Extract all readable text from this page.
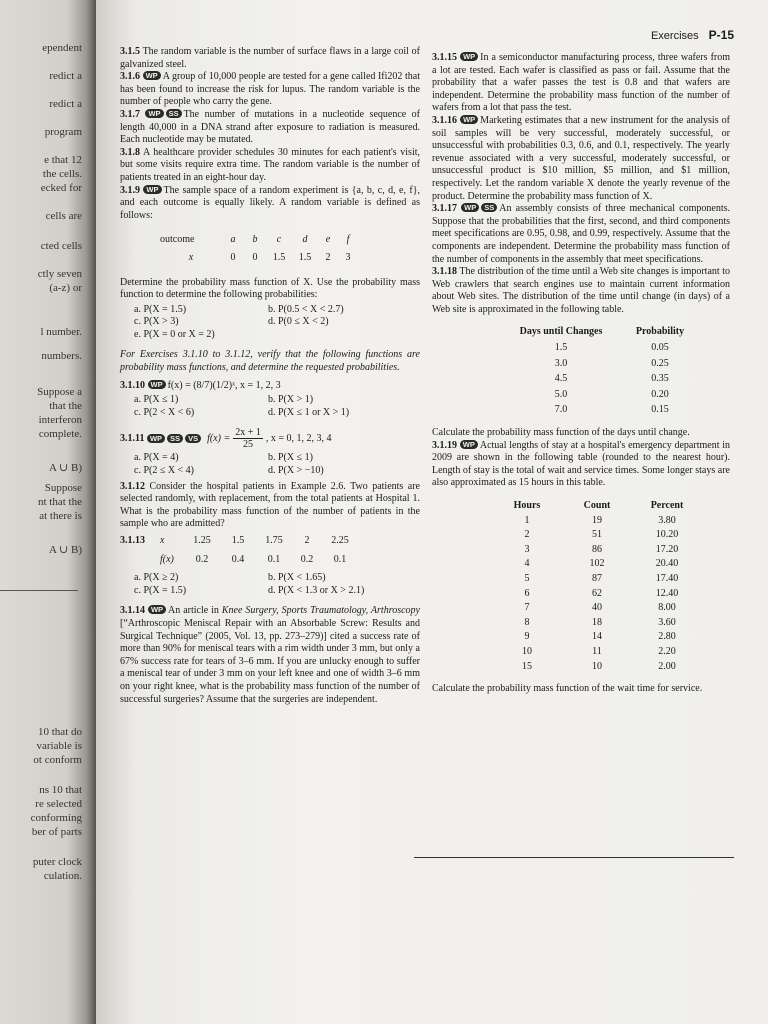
ependent
redict a
redict a
program
e that 12
the cells.
ecked for
cells are
cted cells
ctly seven
(a-z) or
l number.
numbers.
Suppose a
that the
interferon
complete.
A ∪ B)
Suppose
nt that the
at there is
A ∪ B)
10 that do
variable is
ot conform
ns 10 that
re selected
conforming
ber of parts
puter clock
culation.
Exercises P-15

3.1.5 The random variable is the number of surface flaws in a large coil of galvanized steel.

3.1.6 WP A group of 10,000 people are tested for a gene called Ifi202 that has been found to increase the risk for lupus. The random variable is the number of people who carry the gene.

3.1.7 WP SS The number of mutations in a nucleotide sequence of length 40,000 in a DNA strand after exposure to radiation is measured. Each nucleotide may be mutated.

3.1.8 A healthcare provider schedules 30 minutes for each patient's visit, but some visits require extra time. The random variable is the number of patients treated in an eight-hour day.

3.1.9 WP The sample space of a random experiment is {a, b, c, d, e, f}, and each outcome is equally likely. A random variable is defined as follows:

outcome	a	b	c	d	e	f
x	0	0	1.5	1.5	2	3

Determine the probability mass function of X. Use the probability mass function to determine the following probabilities:

a. P(X = 1.5)	b. P(0.5 < X < 2.7)
c. P(X > 3)	d. P(0 ≤ X < 2)
e. P(X = 0 or X = 2)

For Exercises 3.1.10 to 3.1.12, verify that the following functions are probability mass functions, and determine the requested probabilities.

3.1.10 WP f(x) = (8/7)(1/2)ˣ, x = 1, 2, 3

a. P(X ≤ 1)	b. P(X > 1)
c. P(2 < X < 6)	d. P(X ≤ 1 or X > 1)
3.1.11
WP	SS	VS $f(x) = \frac{2x + 1}{25}$ , x = 0, 1, 2, 3, 4
a. P(X = 4)	b. P(X ≤ 1)
c. P(2 ≤ X < 4)	d. P(X > −10)

3.1.12 Consider the hospital patients in Example 2.6. Two patients are selected randomly, with replacement, from the total patients at Hospital 1. What is the probability mass function of the number of patients in the sample who are admitted?

3.1.13	x	1.25	1.5	1.75	2	2.25
	f(x)	0.2	0.4	0.1	0.2	0.1
a. P(X ≥ 2)	b. P(X < 1.65)
c. P(X = 1.5)	d. P(X < 1.3 or X > 2.1)

3.1.14 WP An article in Knee Surgery, Sports Traumatology, Arthroscopy [“Arthroscopic Meniscal Repair with an Absorbable Screw: Results and Surgical Technique” (2005, Vol. 13, pp. 273–279)] cited a success rate of more than 90% for meniscal tears with a rim width under 3 mm, but only a 67% success rate for tears of 3–6 mm. If you are unlucky enough to suffer a meniscal tear of under 3 mm on your left knee and one of width 3–6 mm on your right knee, what is the probability mass function of the number of successful surgeries? Assume that the surgeries are independent.

3.1.15 WP In a semiconductor manufacturing process, three wafers from a lot are tested. Each wafer is classified as pass or fail. Assume that the probability that a wafer passes the test is 0.8 and that wafers are independent. Determine the probability mass function of the number of wafers from a lot that pass the test.

3.1.16 WP Marketing estimates that a new instrument for the analysis of soil samples will be very successful, moderately successful, or unsuccessful with probabilities 0.3, 0.6, and 0.1, respectively. The yearly revenue associated with a very successful, moderately successful, or unsuccessful product is $10 million, $5 million, and $1 million, respectively. Let the random variable X denote the yearly revenue of the product. Determine the probability mass function of X.

3.1.17 WP SS An assembly consists of three mechanical components. Suppose that the probabilities that the first, second, and third components meet specifications are 0.95, 0.98, and 0.99, respectively. Assume that the components are independent. Determine the probability mass function of the number of components in the assembly that meet specifications.

3.1.18 The distribution of the time until a Web site changes is important to Web crawlers that search engines use to maintain current information about Web sites. The distribution of the time until change (in days) of a Web site is approximated in the following table.

Days until Changes	Probability
1.5	0.05
3.0	0.25
4.5	0.35
5.0	0.20
7.0	0.15

Calculate the probability mass function of the days until change.

3.1.19 WP Actual lengths of stay at a hospital's emergency department in 2009 are shown in the following table (rounded to the nearest hour). Length of stay is the total of wait and service times. Some longer stays are also approximated as 15 hours in this table.

Hours	Count	Percent
1	19	3.80
2	51	10.20
3	86	17.20
4	102	20.40
5	87	17.40
6	62	12.40
7	40	8.00
8	18	3.60
9	14	2.80
10	11	2.20
15	10	2.00

Calculate the probability mass function of the wait time for service.
